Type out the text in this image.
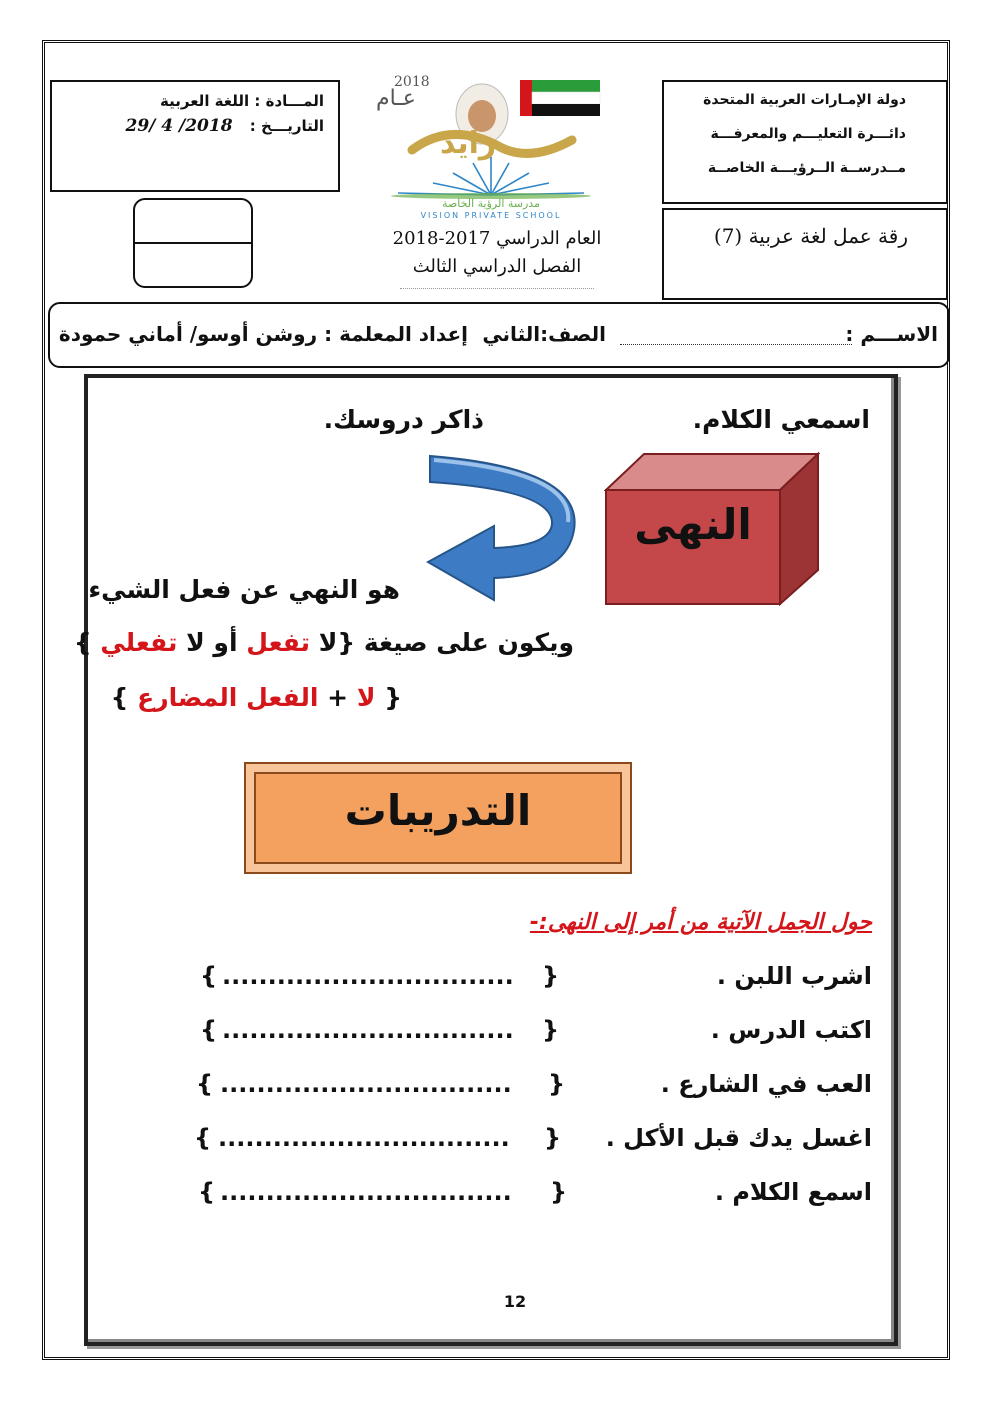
المـــادة : اللغة العربية
التاريـــخ : 29/ 4 /2018
2018
عـام
زايد
مدرسة الرؤية الخاصة
VISION PRIVATE SCHOOL
العام الدراسي 2017-2018
الفصل الدراسي الثالث
دولة الإمـارات العربية المتحدة
دائـــرة التعليـــم والمعرفـــة
مــدرســة الــرؤيـــة الخاصــة
رقة عمل لغة عربية (7)
الاســـم :
الصف:الثاني
إعداد المعلمة : روشن أوسو/ أماني حمودة
اسمعي الكلام.
ذاكر دروسك.
النهى
هو النهي عن فعل الشيء
ويكون على صيغة {لا تفعل أو لا تفعلي }
{ لا + الفعل المضارع }
التدريبات
حول الجمل الآتية من أمر إلى النهى:-
اشرب اللبن .
{ ................................ }
اكتب الدرس .
{ ................................ }
العب في الشارع .
{ ................................ }
اغسل يدك قبل الأكل .
{ ................................ }
اسمع الكلام .
{ ................................ }
12
